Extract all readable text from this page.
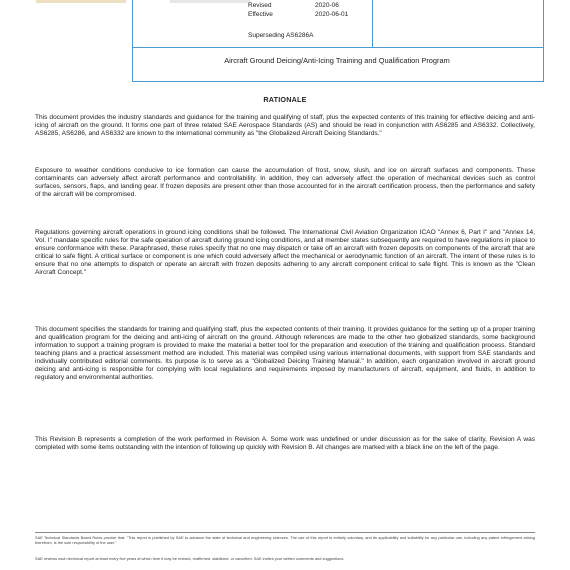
Revised	2020-06
Effective	2020-06-01
Superseding AS6286A
Aircraft Ground Deicing/Anti-Icing Training and Qualification Program
RATIONALE

This document provides the industry standards and guidance for the training and qualifying of staff, plus the expected contents of this training for effective deicing and anti-icing of aircraft on the ground. It forms one part of three related SAE Aerospace Standards (AS) and should be read in conjunction with AS6285 and AS6332. Collectively, AS6285, AS6286, and AS6332 are known to the international community as "the Globalized Aircraft Deicing Standards."

Exposure to weather conditions conducive to ice formation can cause the accumulation of frost, snow, slush, and ice on aircraft surfaces and components. These contaminants can adversely affect aircraft performance and controllability. In addition, they can adversely affect the operation of mechanical devices such as control surfaces, sensors, flaps, and landing gear. If frozen deposits are present other than those accounted for in the aircraft certification process, then the performance and safety of the aircraft will be compromised.

Regulations governing aircraft operations in ground icing conditions shall be followed. The International Civil Aviation Organization ICAO "Annex 6, Part I" and "Annex 14, Vol. I" mandate specific rules for the safe operation of aircraft during ground icing conditions, and all member states subsequently are required to have regulations in place to ensure conformance with these. Paraphrased, these rules specify that no one may dispatch or take off an aircraft with frozen deposits on components of the aircraft that are critical to safe flight. A critical surface or component is one which could adversely affect the mechanical or aerodynamic function of an aircraft. The intent of these rules is to ensure that no one attempts to dispatch or operate an aircraft with frozen deposits adhering to any aircraft component critical to safe flight. This is known as the "Clean Aircraft Concept."

This document specifies the standards for training and qualifying staff, plus the expected contents of their training. It provides guidance for the setting up of a proper training and qualification program for the deicing and anti-icing of aircraft on the ground. Although references are made to the other two globalized standards, some background information to support a training program is provided to make the material a better tool for the preparation and execution of the training and qualification process. Standard teaching plans and a practical assessment method are included. This material was compiled using various international documents, with support from SAE standards and individually contributed editorial comments. Its purpose is to serve as a "Globalized Deicing Training Manual." In addition, each organization involved in aircraft ground deicing and anti-icing is responsible for complying with local regulations and requirements imposed by manufacturers of aircraft, equipment, and fluids, in addition to regulatory and environmental authorities.

This Revision B represents a completion of the work performed in Revision A. Some work was undefined or under discussion as for the sake of clarity, Revision A was completed with some items outstanding with the intention of following up quickly with Revision B. All changes are marked with a black line on the left of the page.

SAE Technical Standards Board Rules provide that: "This report is published by SAE to advance the state of technical and engineering sciences. The use of this report is entirely voluntary, and its applicability and suitability for any particular use, including any patent infringement arising therefrom, is the sole responsibility of the user."

SAE reviews each technical report at least every five years at which time it may be revised, reaffirmed, stabilized, or cancelled. SAE invites your written comments and suggestions.
